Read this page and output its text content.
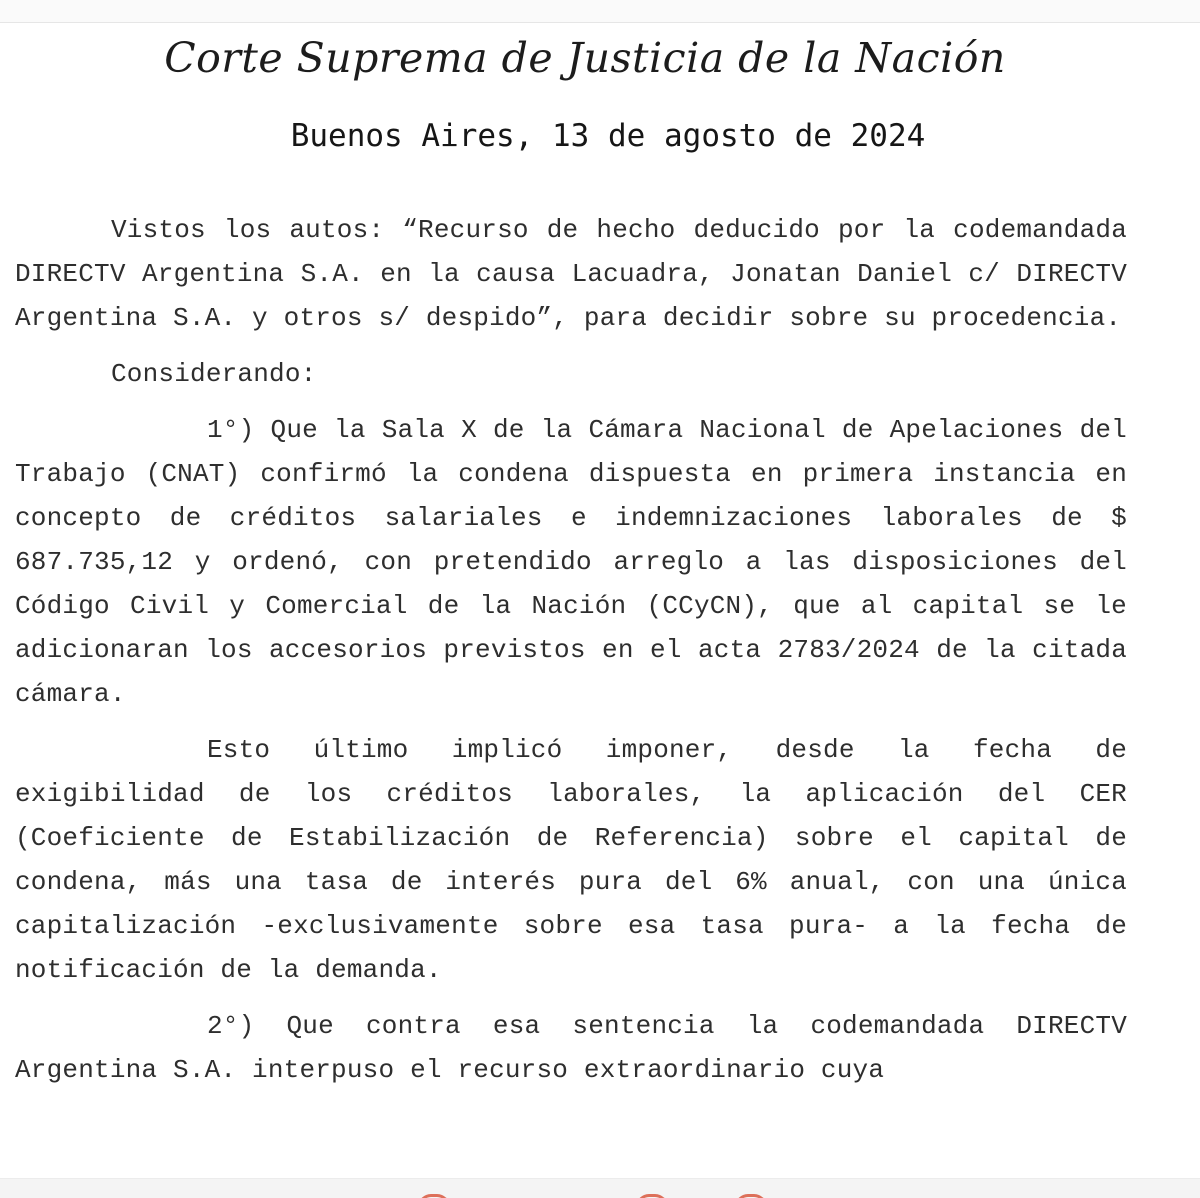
Corte Suprema de Justicia de la Nación
Buenos Aires, 13 de agosto de 2024

Vistos los autos: “Recurso de hecho deducido por la codemandada DIRECTV Argentina S.A. en la causa Lacuadra, Jonatan Daniel c/ DIRECTV Argentina S.A. y otros s/ despido”, para decidir sobre su procedencia.

Considerando:

1°) Que la Sala X de la Cámara Nacional de Apelaciones del Trabajo (CNAT) confirmó la condena dispuesta en primera instancia en concepto de créditos salariales e indemnizaciones laborales de $ 687.735,12 y ordenó, con pretendido arreglo a las disposiciones del Código Civil y Comercial de la Nación (CCyCN), que al capital se le adicionaran los accesorios previstos en el acta 2783/2024 de la citada cámara.

Esto último implicó imponer, desde la fecha de exigibilidad de los créditos laborales, la aplicación del CER (Coeficiente de Estabilización de Referencia) sobre el capital de condena, más una tasa de interés pura del 6% anual, con una única capitalización -exclusivamente sobre esa tasa pura- a la fecha de notificación de la demanda.

2°) Que contra esa sentencia la codemandada DIRECTV Argentina S.A. interpuso el recurso extraordinario cuya
